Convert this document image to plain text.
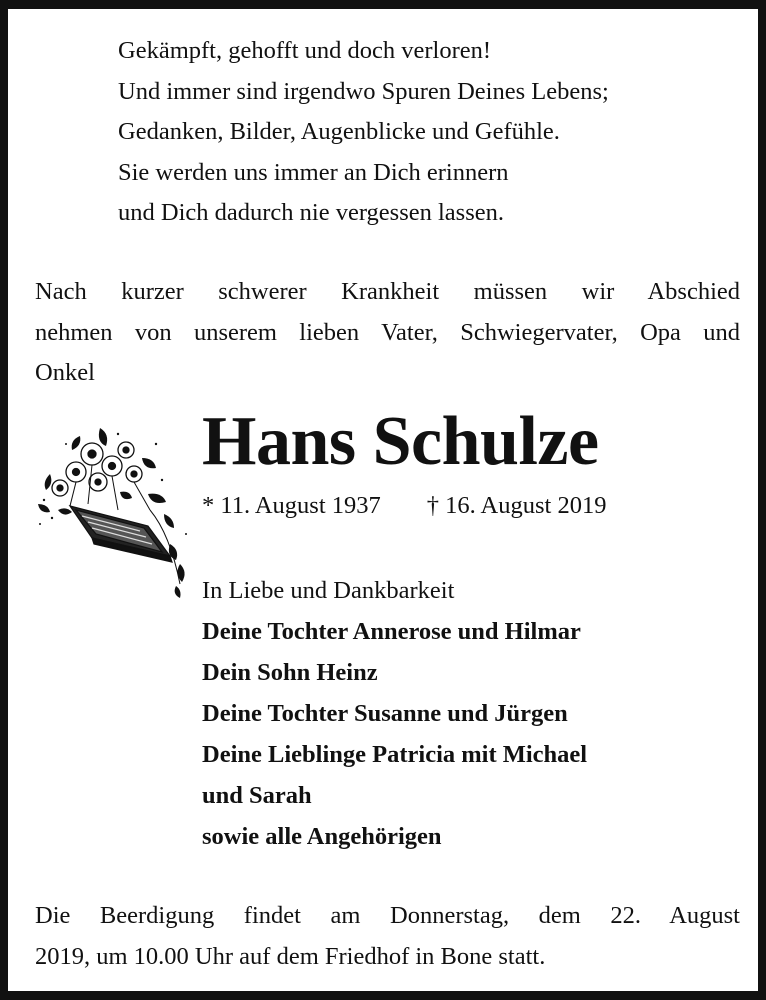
Gekämpft, gehofft und doch verloren!
Und immer sind irgendwo Spuren Deines Lebens;
Gedanken, Bilder, Augenblicke und Gefühle.
Sie werden uns immer an Dich erinnern
und Dich dadurch nie vergessen lassen.
Nach kurzer schwerer Krankheit müssen wir Abschied
nehmen von unserem lieben Vater, Schwiegervater, Opa und
Onkel
Hans Schulze
* 11. August 1937 † 16. August 2019
In Liebe und Dankbarkeit
Deine Tochter Annerose und Hilmar
Dein Sohn Heinz
Deine Tochter Susanne und Jürgen
Deine Lieblinge Patricia mit Michael
und Sarah
sowie alle Angehörigen
Die Beerdigung findet am Donnerstag, dem 22. August
2019, um 10.00 Uhr auf dem Friedhof in Bone statt.
